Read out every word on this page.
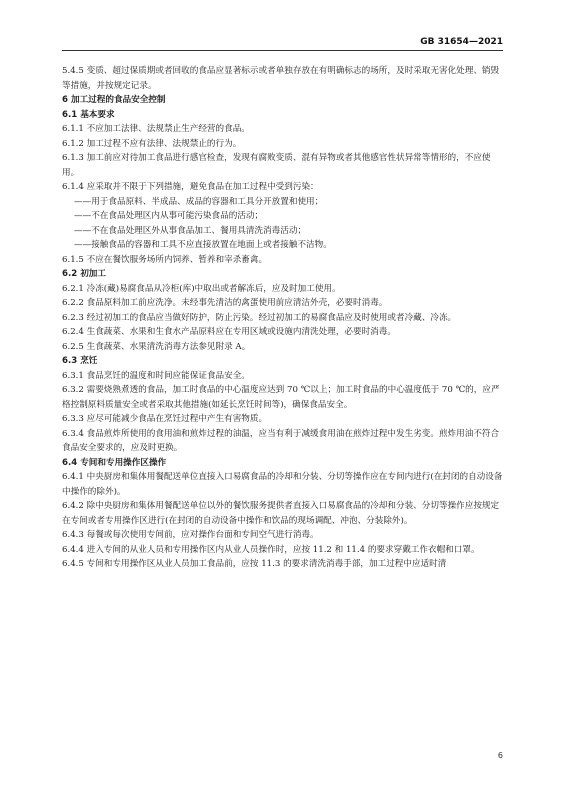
GB 31654—2021

5.4.5 变质、超过保质期或者回收的食品应显著标示或者单独存放在有明确标志的场所，及时采取无害化处理、销毁等措施，并按规定记录。

6 加工过程的食品安全控制

6.1 基本要求

6.1.1 不应加工法律、法规禁止生产经营的食品。

6.1.2 加工过程不应有法律、法规禁止的行为。

6.1.3 加工前应对待加工食品进行感官检查，发现有腐败变质、混有异物或者其他感官性状异常等情形的，不应使用。

6.1.4 应采取并不限于下列措施，避免食品在加工过程中受到污染：

——用于食品原料、半成品、成品的容器和工具分开放置和使用；

——不在食品处理区内从事可能污染食品的活动；

——不在食品处理区外从事食品加工、餐用具清洗消毒活动；

——接触食品的容器和工具不应直接放置在地面上或者接触不洁物。

6.1.5 不应在餐饮服务场所内饲养、暂养和宰杀畜禽。

6.2 初加工

6.2.1 冷冻(藏)易腐食品从冷柜(库)中取出或者解冻后，应及时加工使用。

6.2.2 食品原料加工前应洗净。未经事先清洁的禽蛋使用前应清洁外壳，必要时消毒。

6.2.3 经过初加工的食品应当做好防护，防止污染。经过初加工的易腐食品应及时使用或者冷藏、冷冻。

6.2.4 生食蔬菜、水果和生食水产品原料应在专用区域或设施内清洗处理，必要时消毒。

6.2.5 生食蔬菜、水果清洗消毒方法参见附录 A。

6.3 烹饪

6.3.1 食品烹饪的温度和时间应能保证食品安全。

6.3.2 需要烧熟煮透的食品，加工时食品的中心温度应达到 70 ℃以上；加工时食品的中心温度低于 70 ℃的，应严格控制原料质量安全或者采取其他措施(如延长烹饪时间等)，确保食品安全。

6.3.3 应尽可能减少食品在烹饪过程中产生有害物质。

6.3.4 食品煎炸所使用的食用油和煎炸过程的油温，应当有利于减缓食用油在煎炸过程中发生劣变。煎炸用油不符合食品安全要求的，应及时更换。

6.4 专间和专用操作区操作

6.4.1 中央厨房和集体用餐配送单位直接入口易腐食品的冷却和分装、分切等操作应在专间内进行(在封闭的自动设备中操作的除外)。

6.4.2 除中央厨房和集体用餐配送单位以外的餐饮服务提供者直接入口易腐食品的冷却和分装、分切等操作应按规定在专间或者专用操作区进行(在封闭的自动设备中操作和饮品的现场调配、冲泡、分装除外)。

6.4.3 每餐或每次使用专间前，应对操作台面和专间空气进行消毒。

6.4.4 进入专间的从业人员和专用操作区内从业人员操作时，应按 11.2 和 11.4 的要求穿戴工作衣帽和口罩。

6.4.5 专间和专用操作区从业人员加工食品前，应按 11.3 的要求清洗消毒手部，加工过程中应适时清

6
